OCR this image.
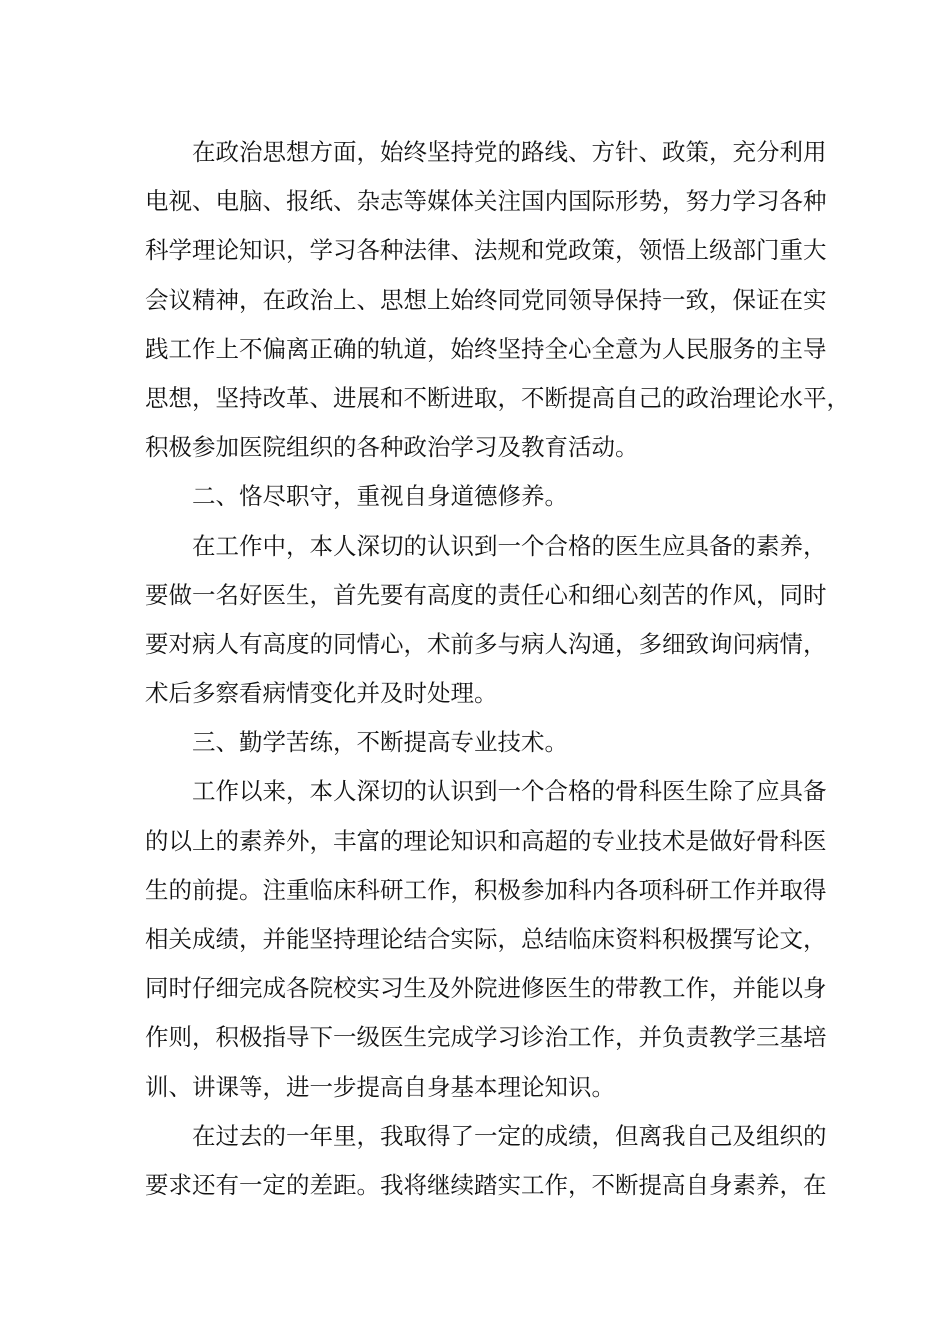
在政治思想方面，始终坚持党的路线、方针、政策，充分利用
电视、电脑、报纸、杂志等媒体关注国内国际形势，努力学习各种
科学理论知识，学习各种法律、法规和党政策，领悟上级部门重大
会议精神，在政治上、思想上始终同党同领导保持一致，保证在实
践工作上不偏离正确的轨道，始终坚持全心全意为人民服务的主导
思想，坚持改革、进展和不断进取，不断提高自己的政治理论水平，
积极参加医院组织的各种政治学习及教育活动。
二、恪尽职守，重视自身道德修养。
在工作中，本人深切的认识到一个合格的医生应具备的素养，
要做一名好医生，首先要有高度的责任心和细心刻苦的作风，同时
要对病人有高度的同情心，术前多与病人沟通，多细致询问病情，
术后多察看病情变化并及时处理。
三、勤学苦练，不断提高专业技术。
工作以来，本人深切的认识到一个合格的骨科医生除了应具备
的以上的素养外，丰富的理论知识和高超的专业技术是做好骨科医
生的前提。注重临床科研工作，积极参加科内各项科研工作并取得
相关成绩，并能坚持理论结合实际，总结临床资料积极撰写论文，
同时仔细完成各院校实习生及外院进修医生的带教工作，并能以身
作则，积极指导下一级医生完成学习诊治工作，并负责教学三基培
训、讲课等，进一步提高自身基本理论知识。
在过去的一年里，我取得了一定的成绩，但离我自己及组织的
要求还有一定的差距。我将继续踏实工作，不断提高自身素养，在
